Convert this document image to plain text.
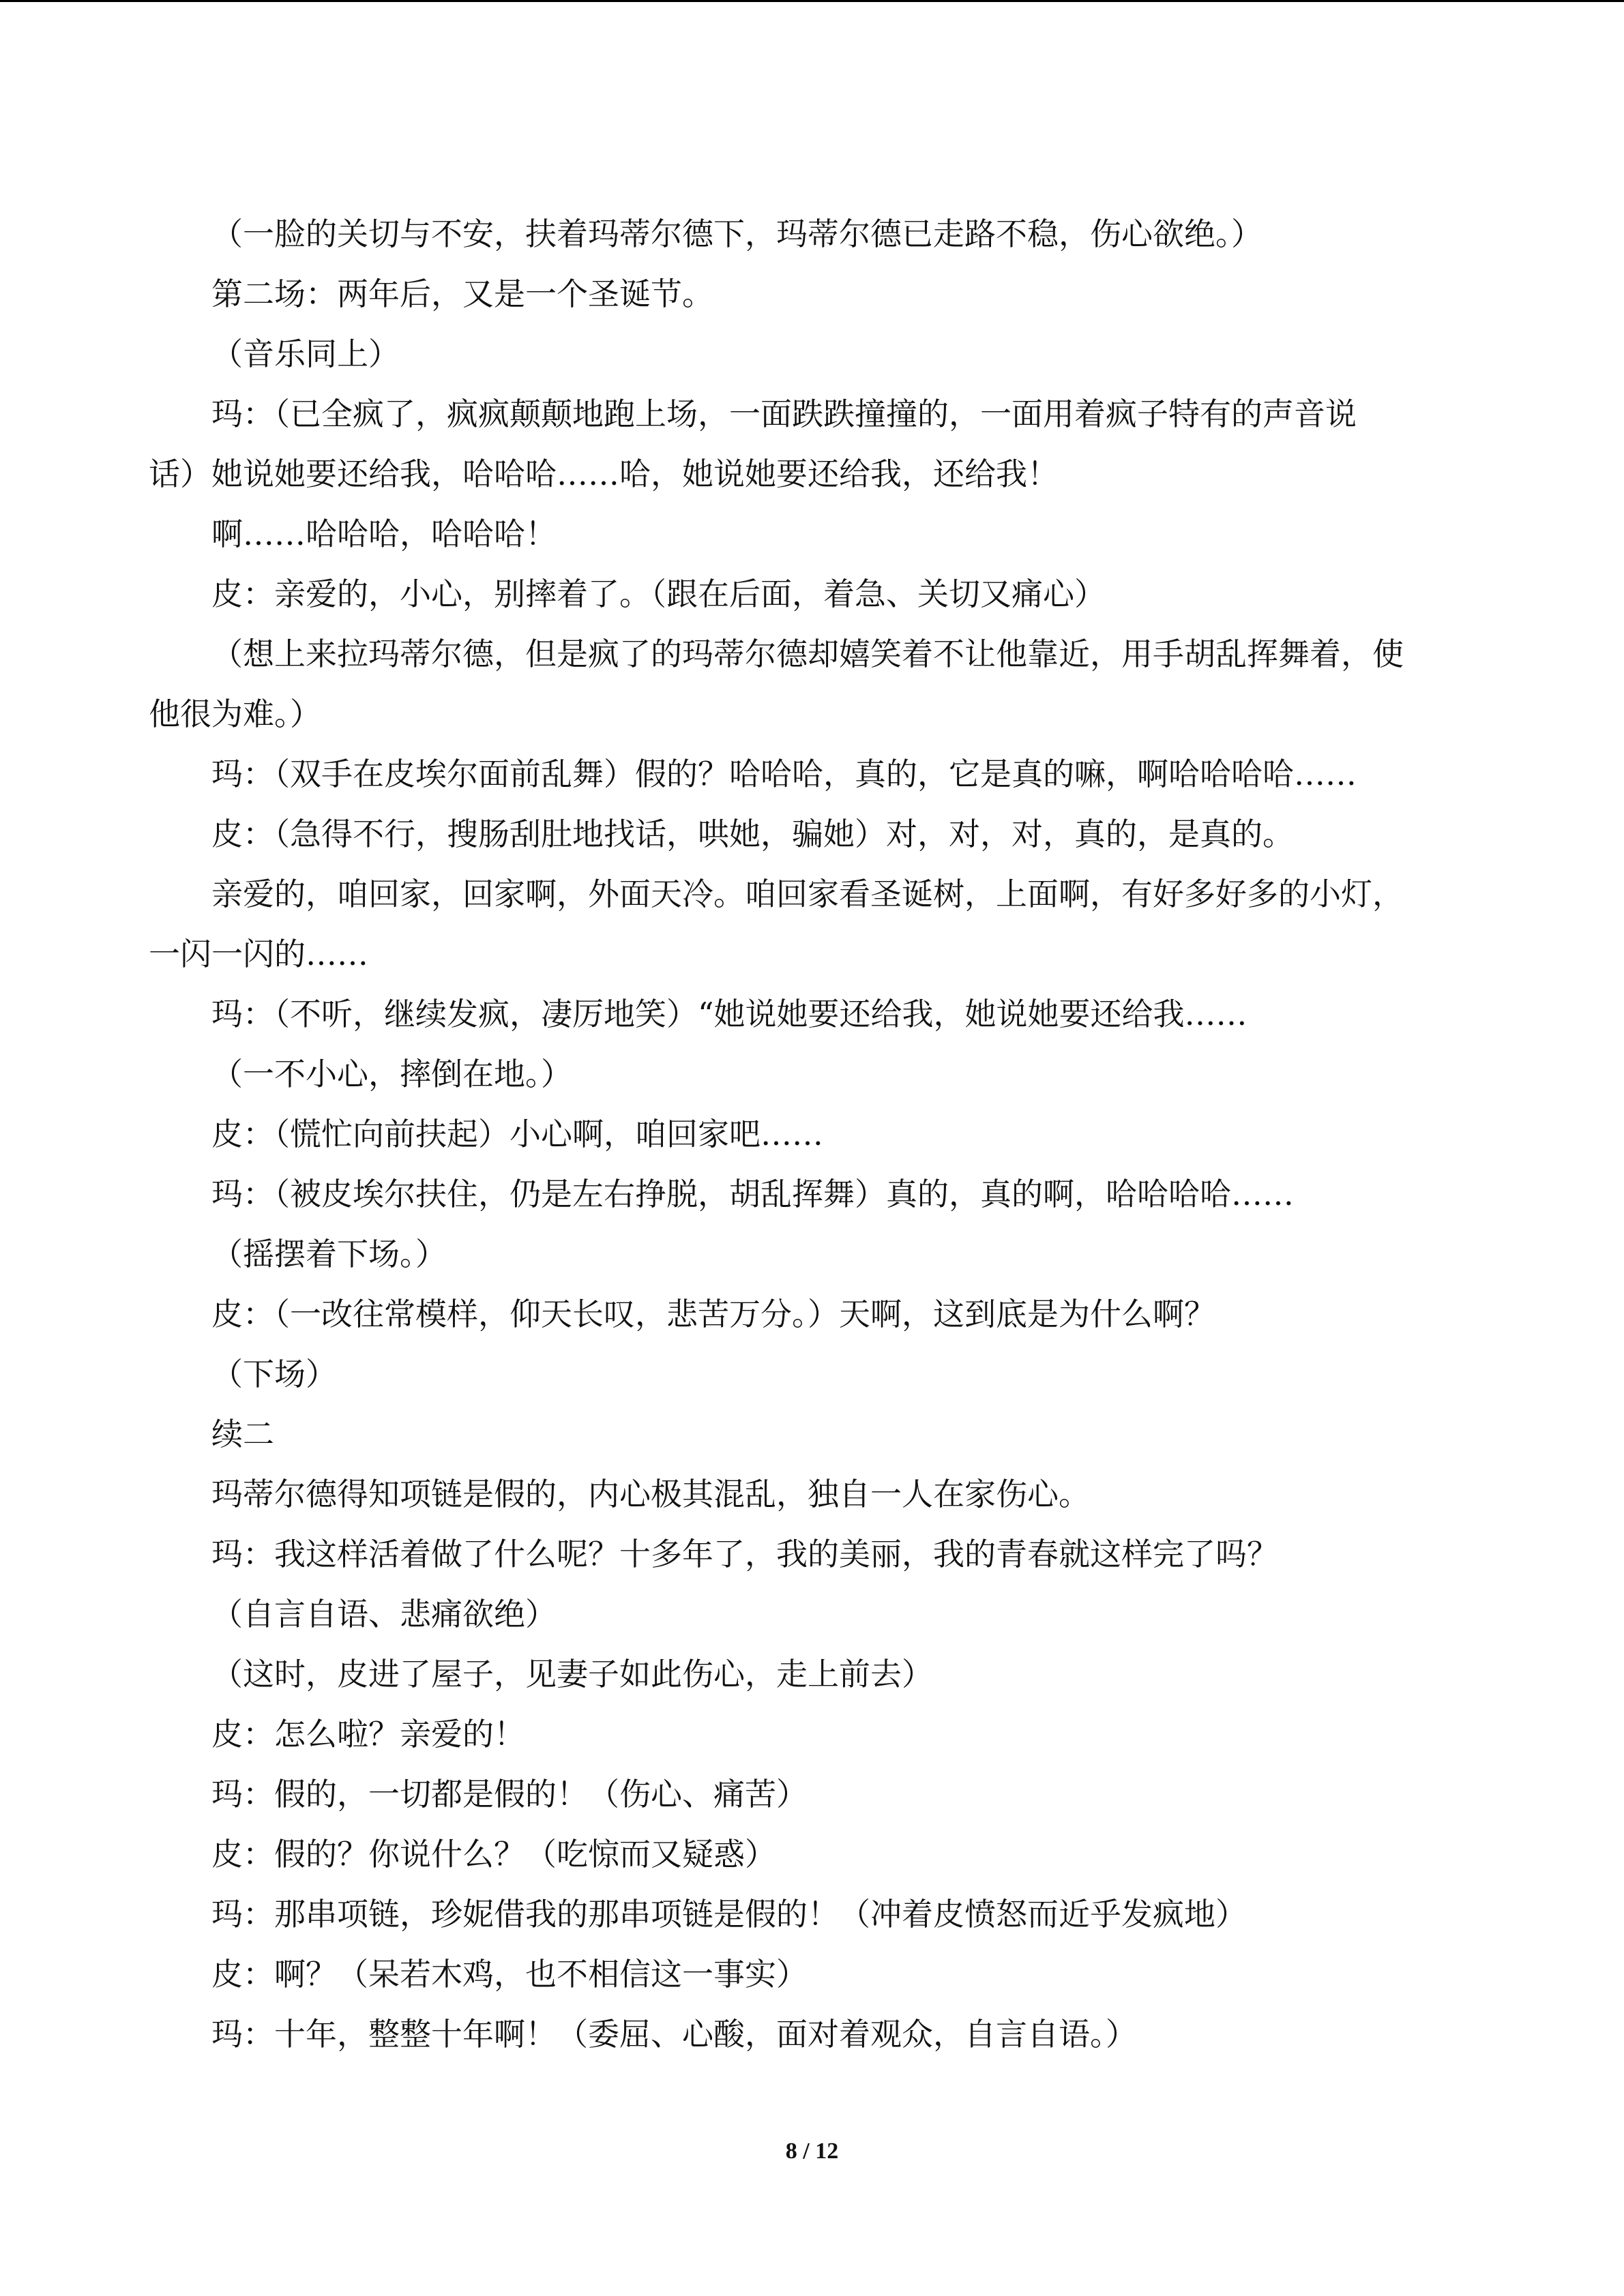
（一脸的关切与不安，扶着玛蒂尔德下，玛蒂尔德已走路不稳，伤心欲绝。）
第二场：两年后，又是一个圣诞节。
（音乐同上）
玛：（已全疯了，疯疯颠颠地跑上场，一面跌跌撞撞的，一面用着疯子特有的声音说
话）她说她要还给我，哈哈哈……哈，她说她要还给我，还给我！
啊……哈哈哈，哈哈哈！
皮：亲爱的，小心，别摔着了。（跟在后面，着急、关切又痛心）
（想上来拉玛蒂尔德，但是疯了的玛蒂尔德却嬉笑着不让他靠近，用手胡乱挥舞着，使
他很为难。）
玛：（双手在皮埃尔面前乱舞）假的？哈哈哈，真的，它是真的嘛，啊哈哈哈哈……
皮：（急得不行，搜肠刮肚地找话，哄她，骗她）对，对，对，真的，是真的。
亲爱的，咱回家，回家啊，外面天冷。咱回家看圣诞树，上面啊，有好多好多的小灯，
一闪一闪的……
玛：（不听，继续发疯，凄厉地笑）“她说她要还给我，她说她要还给我……
（一不小心，摔倒在地。）
皮：（慌忙向前扶起）小心啊，咱回家吧……
玛：（被皮埃尔扶住，仍是左右挣脱，胡乱挥舞）真的，真的啊，哈哈哈哈……
（摇摆着下场。）
皮：（一改往常模样，仰天长叹，悲苦万分。）天啊，这到底是为什么啊？
（下场）
续二
玛蒂尔德得知项链是假的，内心极其混乱，独自一人在家伤心。
玛：我这样活着做了什么呢？十多年了，我的美丽，我的青春就这样完了吗？
（自言自语、悲痛欲绝）
（这时，皮进了屋子，见妻子如此伤心，走上前去）
皮：怎么啦？亲爱的！
玛：假的，一切都是假的！（伤心、痛苦）
皮：假的？你说什么？（吃惊而又疑惑）
玛：那串项链，珍妮借我的那串项链是假的！（冲着皮愤怒而近乎发疯地）
皮：啊？（呆若木鸡，也不相信这一事实）
玛：十年，整整十年啊！（委屈、心酸，面对着观众，自言自语。）
8 / 12
